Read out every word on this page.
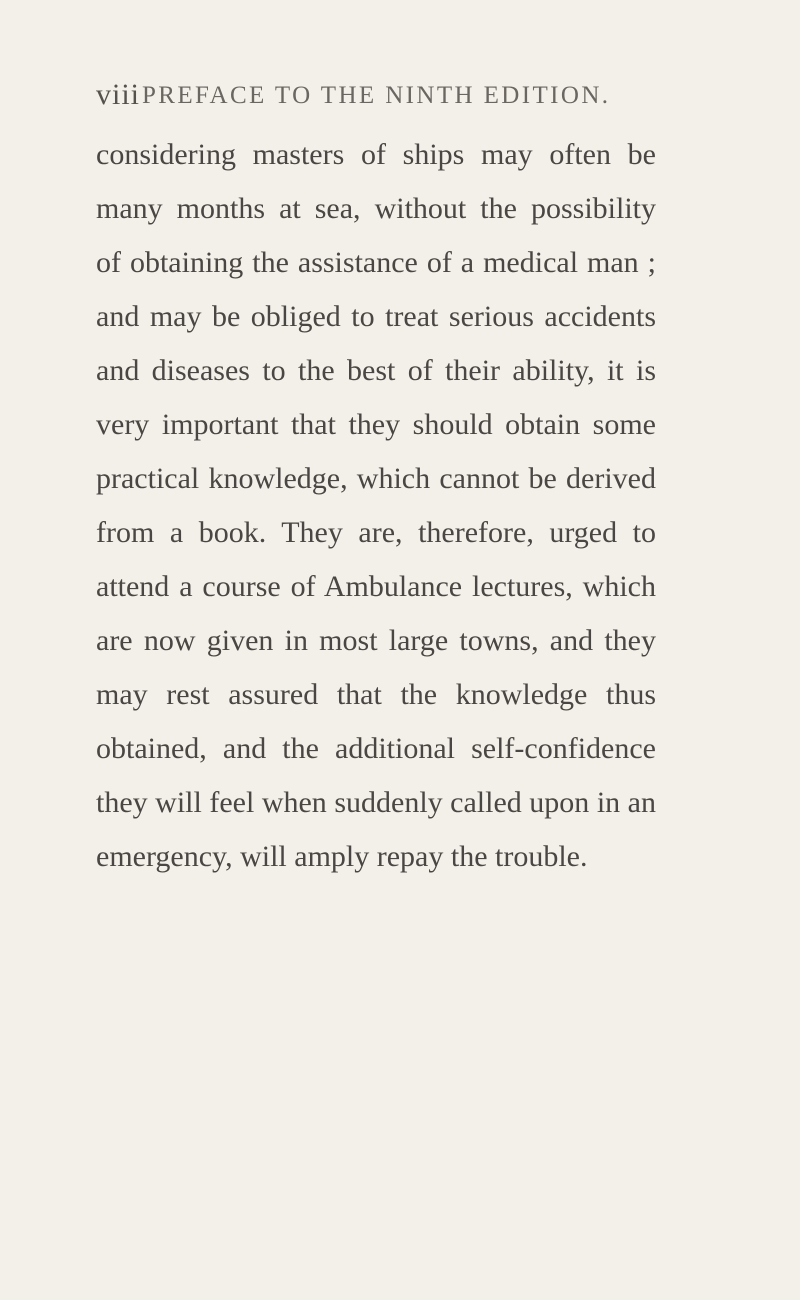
viii PREFACE TO THE NINTH EDITION.
considering masters of ships may often be
many months at sea, without the possibility
of obtaining the assistance of a medical man ;
and may be obliged to treat serious accidents
and diseases to the best of their ability, it is
very important that they should obtain some
practical knowledge, which cannot be derived
from a book. They are, therefore, urged to
attend a course of Ambulance lectures, which
are now given in most large towns, and they
may rest assured that the knowledge thus
obtained, and the additional self-confidence
they will feel when suddenly called upon in an
emergency, will amply repay the trouble.
